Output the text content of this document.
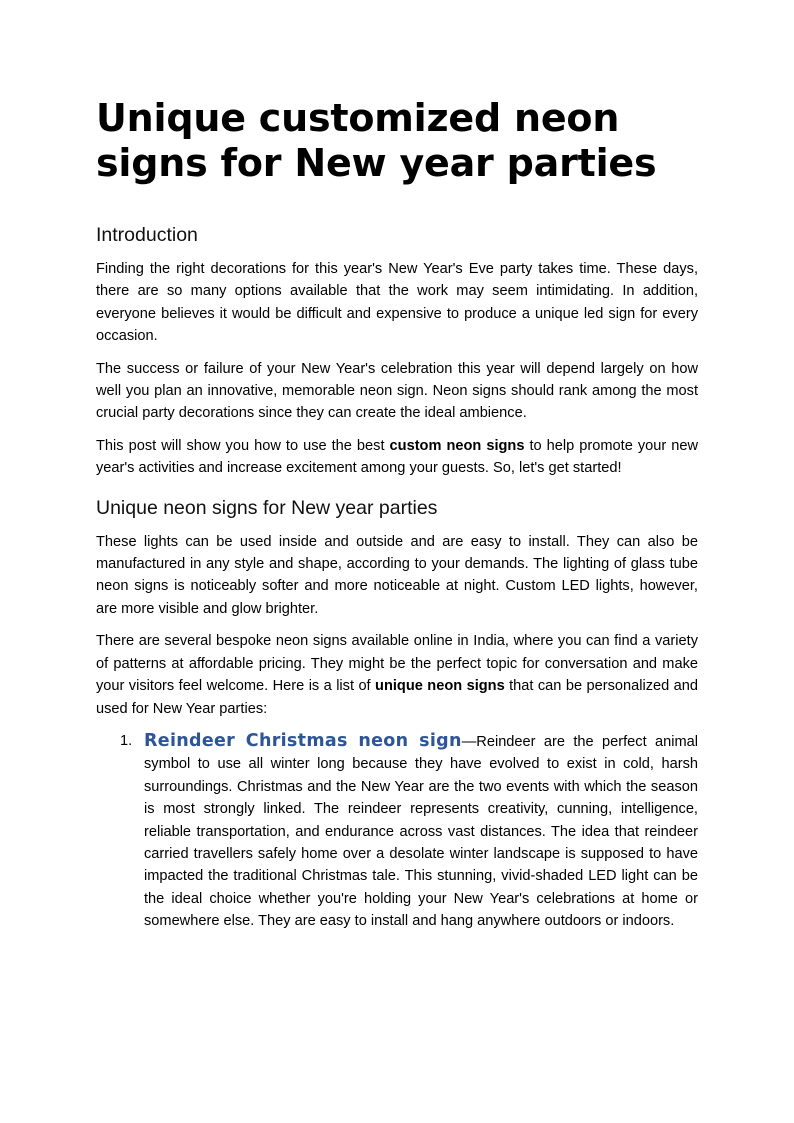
Unique customized neon signs for New year parties
Introduction

Finding the right decorations for this year's New Year's Eve party takes time. These days, there are so many options available that the work may seem intimidating. In addition, everyone believes it would be difficult and expensive to produce a unique led sign for every occasion.

The success or failure of your New Year's celebration this year will depend largely on how well you plan an innovative, memorable neon sign. Neon signs should rank among the most crucial party decorations since they can create the ideal ambience.

This post will show you how to use the best custom neon signs to help promote your new year's activities and increase excitement among your guests. So, let's get started!

Unique neon signs for New year parties

These lights can be used inside and outside and are easy to install. They can also be manufactured in any style and shape, according to your demands. The lighting of glass tube neon signs is noticeably softer and more noticeable at night. Custom LED lights, however, are more visible and glow brighter.

There are several bespoke neon signs available online in India, where you can find a variety of patterns at affordable pricing. They might be the perfect topic for conversation and make your visitors feel welcome. Here is a list of unique neon signs that can be personalized and used for New Year parties:

1. Reindeer Christmas neon sign—Reindeer are the perfect animal symbol to use all winter long because they have evolved to exist in cold, harsh surroundings. Christmas and the New Year are the two events with which the season is most strongly linked. The reindeer represents creativity, cunning, intelligence, reliable transportation, and endurance across vast distances. The idea that reindeer carried travellers safely home over a desolate winter landscape is supposed to have impacted the traditional Christmas tale. This stunning, vivid-shaded LED light can be the ideal choice whether you're holding your New Year's celebrations at home or somewhere else. They are easy to install and hang anywhere outdoors or indoors.
